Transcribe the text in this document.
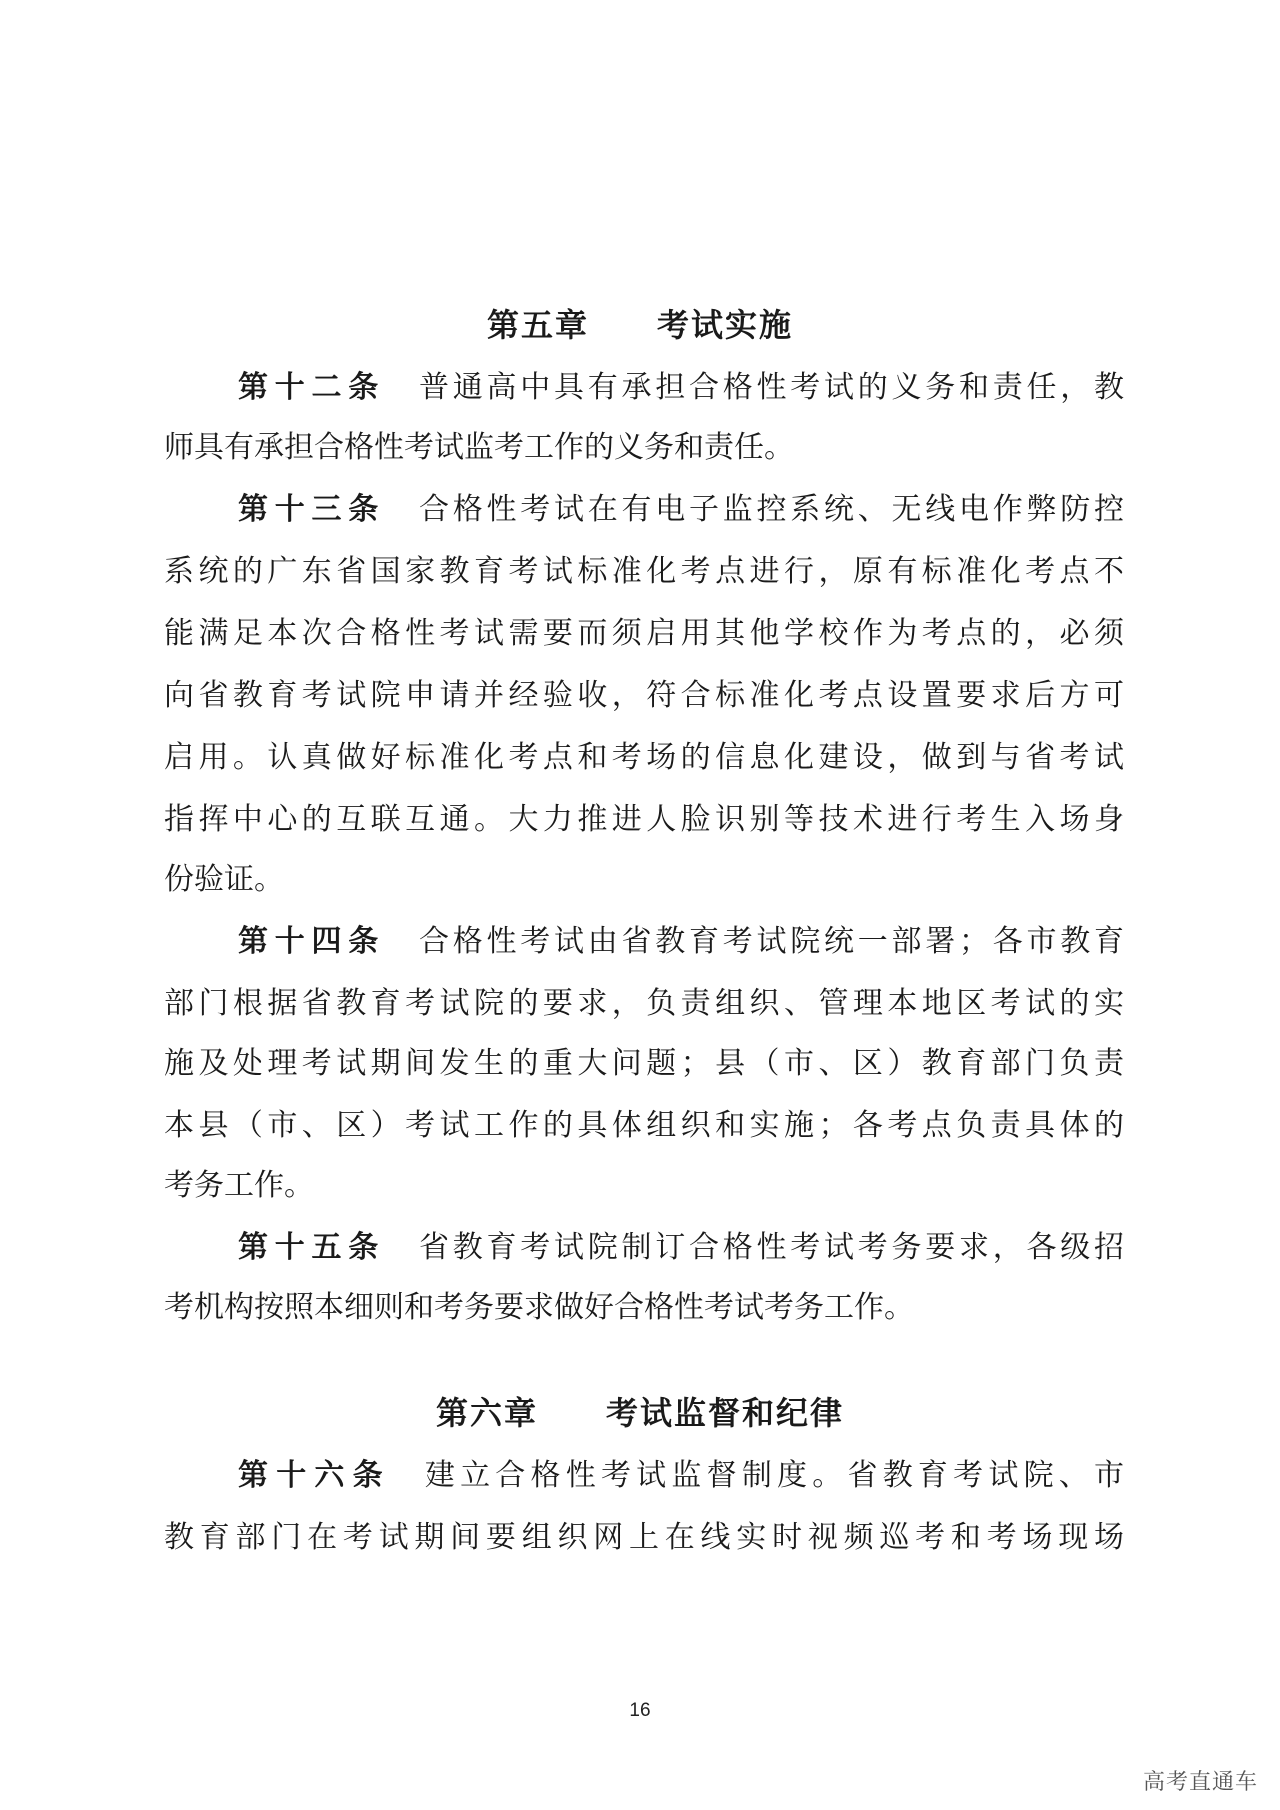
第五章　　考试实施
第十二条 普通高中具有承担合格性考试的义务和责任，教
师具有承担合格性考试监考工作的义务和责任。
第十三条 合格性考试在有电子监控系统、无线电作弊防控
系统的广东省国家教育考试标准化考点进行，原有标准化考点不
能满足本次合格性考试需要而须启用其他学校作为考点的，必须
向省教育考试院申请并经验收，符合标准化考点设置要求后方可
启用。认真做好标准化考点和考场的信息化建设，做到与省考试
指挥中心的互联互通。大力推进人脸识别等技术进行考生入场身
份验证。
第十四条 合格性考试由省教育考试院统一部署；各市教育
部门根据省教育考试院的要求，负责组织、管理本地区考试的实
施及处理考试期间发生的重大问题；县（市、区）教育部门负责
本县（市、区）考试工作的具体组织和实施；各考点负责具体的
考务工作。
第十五条 省教育考试院制订合格性考试考务要求，各级招
考机构按照本细则和考务要求做好合格性考试考务工作。
第六章　　考试监督和纪律
第十六条 建立合格性考试监督制度。省教育考试院、市
教育部门在考试期间要组织网上在线实时视频巡考和考场现场
16
高考直通车
